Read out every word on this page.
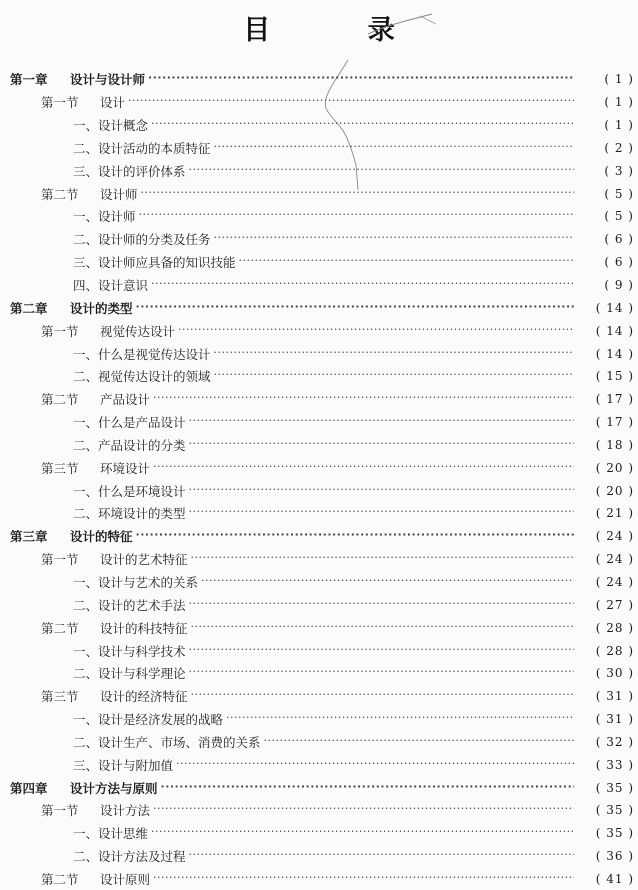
目 录
第一章 设计与设计师 ·····	( 1 )
第一节 设计 ·····	( 1 )
一、设计概念 ·····	( 1 )
二、设计活动的本质特征 ·····	( 2 )
三、设计的评价体系 ·····	( 3 )
第二节 设计师 ·····	( 5 )
一、设计师 ·····	( 5 )
二、设计师的分类及任务 ·····	( 6 )
三、设计师应具备的知识技能 ·····	( 6 )
四、设计意识 ·····	( 9 )
第二章 设计的类型 ·····	( 14 )
第一节 视觉传达设计 ·····	( 14 )
一、什么是视觉传达设计 ·····	( 14 )
二、视觉传达设计的领域 ·····	( 15 )
第二节 产品设计 ·····	( 17 )
一、什么是产品设计 ·····	( 17 )
二、产品设计的分类 ·····	( 18 )
第三节 环境设计 ·····	( 20 )
一、什么是环境设计 ·····	( 20 )
二、环境设计的类型 ·····	( 21 )
第三章 设计的特征 ·····	( 24 )
第一节 设计的艺术特征 ·····	( 24 )
一、设计与艺术的关系 ·····	( 24 )
二、设计的艺术手法 ·····	( 27 )
第二节 设计的科技特征 ·····	( 28 )
一、设计与科学技术 ·····	( 28 )
二、设计与科学理论 ·····	( 30 )
第三节 设计的经济特征 ·····	( 31 )
一、设计是经济发展的战略 ·····	( 31 )
二、设计生产、市场、消费的关系 ·····	( 32 )
三、设计与附加值 ·····	( 33 )
第四章 设计方法与原则 ·····	( 35 )
第一节 设计方法 ·····	( 35 )
一、设计思维 ·····	( 35 )
二、设计方法及过程 ·····	( 36 )
第二节 设计原则 ·····	( 41 )
